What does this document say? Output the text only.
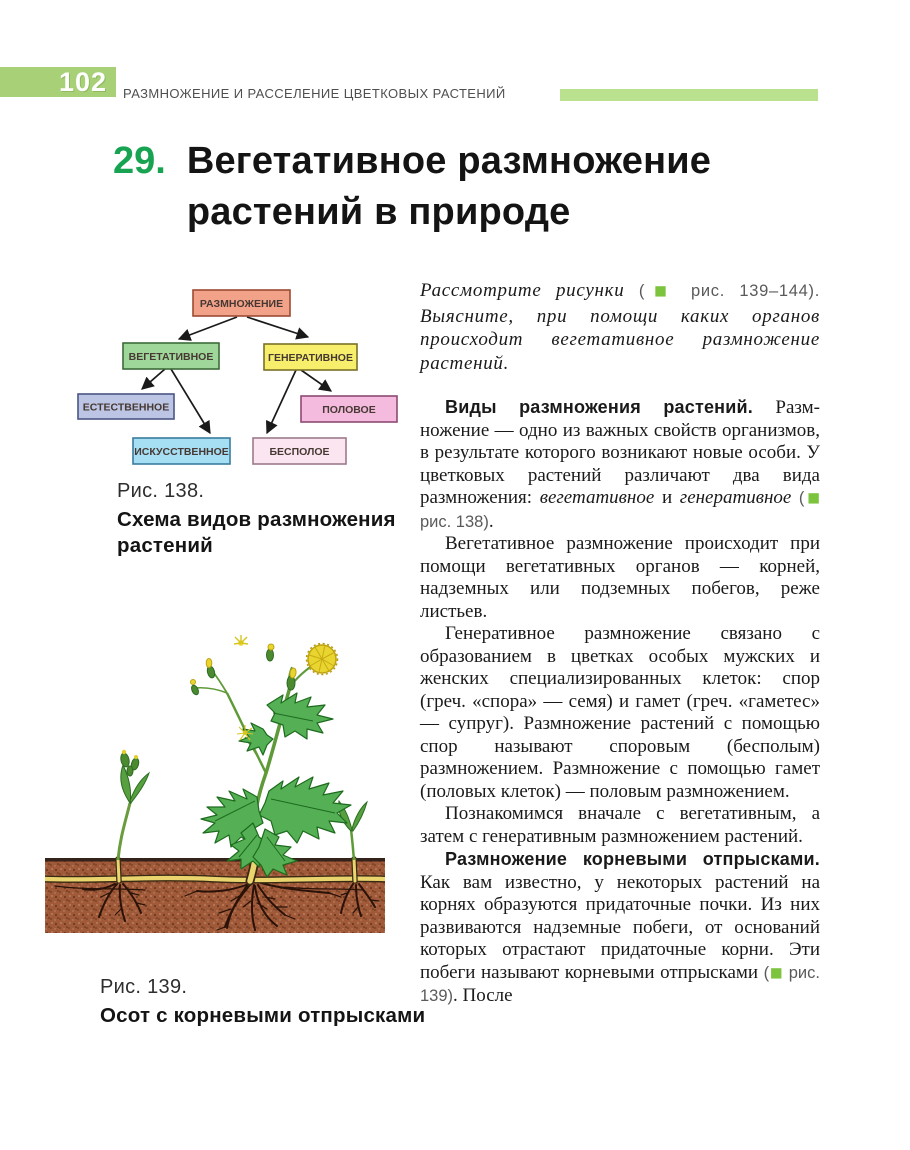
102	РАЗМНОЖЕНИЕ И РАССЕЛЕНИЕ ЦВЕТКОВЫХ РАСТЕНИЙ
29. Вегетативное размножение
растений в природе
РАЗМНОЖЕНИЕ
ВЕГЕТАТИВНОЕ	ГЕНЕРАТИВНОЕ
ЕСТЕСТВЕННОЕ	ПОЛОВОЕ
ИСКУССТВЕННОЕ	БЕСПОЛОЕ
Рис. 138.
Схема видов размножения растений
Рис. 139.
Осот с корневыми отпрысками

Рассмотрите рисунки (■ рис. 139–144). Выясните, при помощи каких органов происходит вегетативное размножение растений.

Виды размножения растений. Размножение — одно из важных свойств организмов, в результате которого возникают новые особи. У цветковых растений различают два вида размножения: вегетативное и генеративное (■ рис. 138).

Вегетативное размножение происходит при помощи вегетативных органов — корней, надземных или подземных побегов, реже листьев.

Генеративное размножение связано с образованием в цветках особых мужских и женских специализированных клеток: спор (греч. «спора» — семя) и гамет (греч. «гаметес» — супруг). Размножение растений с помощью спор называют споровым (бесполым) размножением. Размножение с помощью гамет (половых клеток) — половым размножением.

Познакомимся вначале с вегетативным, а затем с генеративным размножением растений.

Размножение корневыми отпрысками. Как вам известно, у некоторых растений на корнях образуются придаточные почки. Из них развиваются надземные побеги, от оснований которых отрастают придаточные корни. Эти побеги называют корневыми отпрысками (■ рис. 139). После
